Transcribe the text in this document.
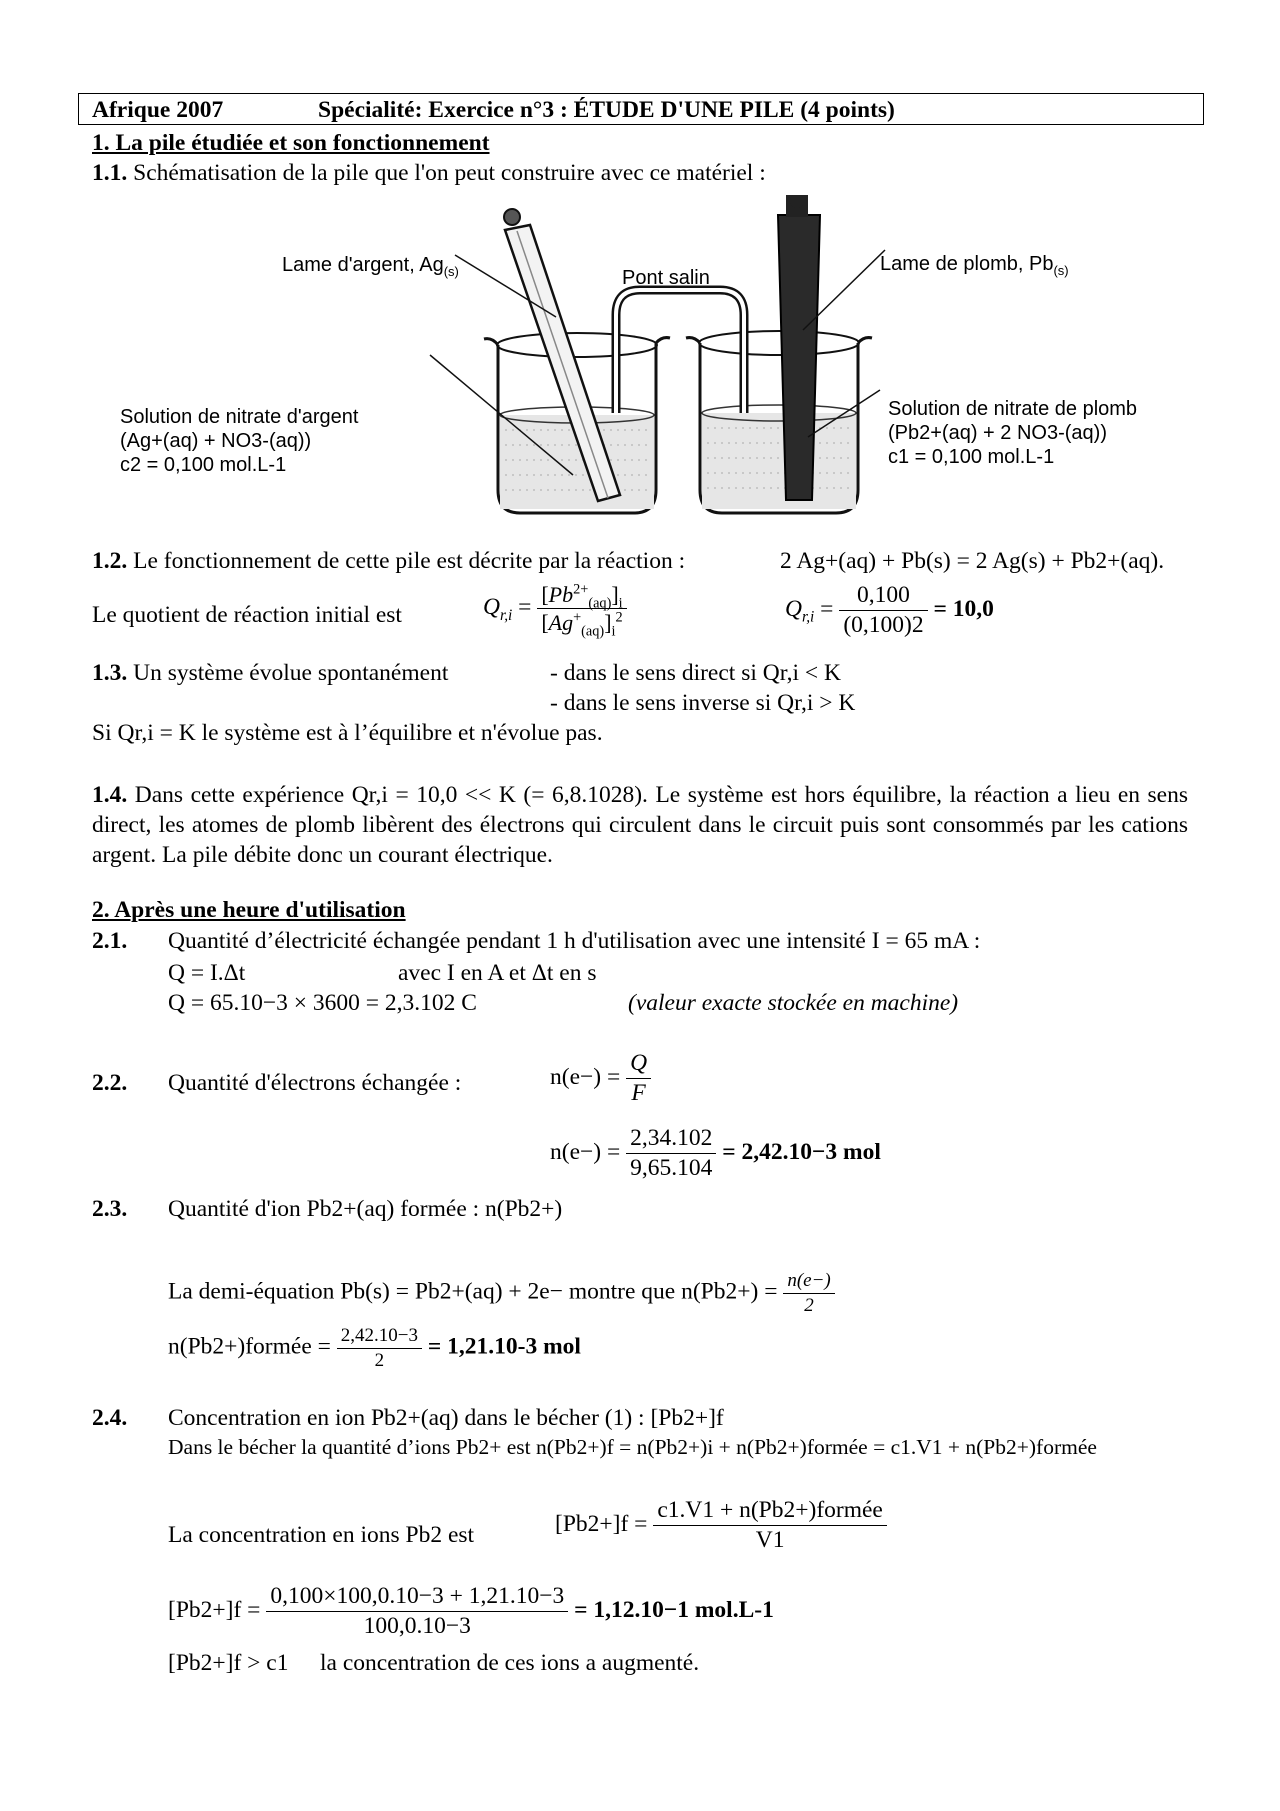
Afrique 2007	Spécialité: Exercice n°3 : ÉTUDE D'UNE PILE (4 points)
1. La pile étudiée et son fonctionnement
1.1. Schématisation de la pile que l'on peut construire avec ce matériel :
Lame d'argent, $Ag_{(s)}$	Pont salin
Lame de plomb, $Pb_{(s)}$
Solution de nitrate d'argent
(Ag+(aq) + NO3-(aq))
c2 = 0,100 mol.L-1
Solution de nitrate de plomb
(Pb2+(aq) + 2 NO3-(aq))
c1 = 0,100 mol.L-1
1.2. Le fonctionnement de cette pile est décrite par la réaction :	2 Ag+(aq) + Pb(s) = 2 Ag(s) + Pb2+(aq).
Le quotient de réaction initial est	$Q_{r,i} = \frac{[Pb^{2+}_{(aq)}]_i}{[Ag^+_{(aq)}]_i^2}$	$Q_{r,i} = \frac{0,100}{(0,100)2} = 10,0$
1.3. Un système évolue spontanément	- dans le sens direct si Qr,i < K
- dans le sens inverse si Qr,i > K
Si Qr,i = K le système est à l’équilibre et n'évolue pas.
1.4. Dans cette expérience Qr,i = 10,0 << K (= 6,8.1028). Le système est hors équilibre, la réaction a lieu en sens direct, les atomes de plomb libèrent des électrons qui circulent dans le circuit puis sont consommés par les cations argent. La pile débite donc un courant électrique.
2. Après une heure d'utilisation
2.1. Quantité d’électricité échangée pendant 1 h d'utilisation avec une intensité I = 65 mA :
Q = I.Δt	avec I en A et Δt en s
Q = 65.10−3 × 3600 = 2,3.102 C	(valeur exacte stockée en machine)
2.2. Quantité d'électrons échangée :	$n(e-) = \frac{Q}{F}$
$n(e-) = \frac{2,34.102}{9,65.104} = 2,42.10-3$ mol
2.3. Quantité d'ion Pb2+(aq) formée : n(Pb2+)
La demi-équation Pb(s) = Pb2+(aq) + 2e− montre que $n(Pb2+) = \frac{n(e-)}{2}$
n(Pb2+)formée = $\frac{2,42.10-3}{2} = 1,21.10-3$ mol
2.4. Concentration en ion Pb2+(aq) dans le bécher (1) : [Pb2+]f
Dans le bécher la quantité d’ions Pb2+ est n(Pb2+)f = n(Pb2+)i + n(Pb2+)formée = c1.V1 + n(Pb2+)formée
La concentration en ions Pb2 est	$[Pb2+]f = \frac{\text{c1.V1 + n(Pb2+)formée}}{V1}$
$[Pb2+]f = \frac{0,100\times 100,0.10-3 + 1,21.10-3}{100,0.10-3} = 1,12.10-1$ mol.L-1
[Pb2+]f > c1 la concentration de ces ions a augmenté.
